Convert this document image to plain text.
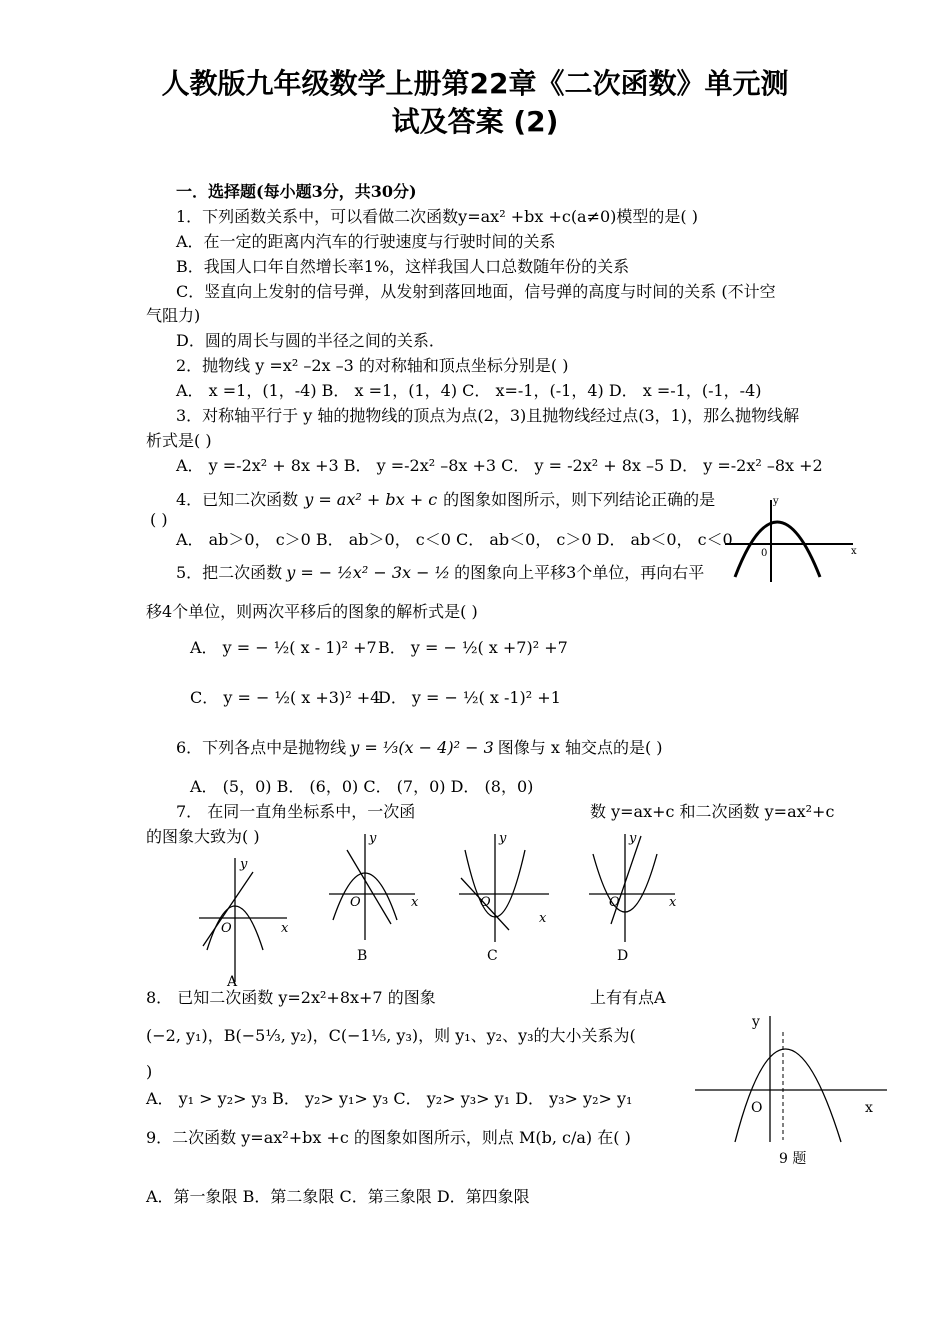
人教版九年级数学上册第22章《二次函数》单元测
试及答案 (2)
一．选择题(每小题3分，共30分)
1．下列函数关系中，可以看做二次函数y=ax² +bx +c(a≠0)模型的是( )
A．在一定的距离内汽车的行驶速度与行驶时间的关系
B．我国人口年自然增长率1%，这样我国人口总数随年份的关系
C．竖直向上发射的信号弹，从发射到落回地面，信号弹的高度与时间的关系 (不计空
气阻力)
D．圆的周长与圆的半径之间的关系．
2．抛物线 y =x² –2x –3 的对称轴和顶点坐标分别是( )
A． x =1，(1，-4) B． x =1，(1，4) C． x=-1，(-1，4) D． x =-1，(-1，-4)
3．对称轴平行于 y 轴的抛物线的顶点为点(2，3)且抛物线经过点(3，1)，那么抛物线解
析式是( )
A． y =-2x² + 8x +3 B． y =-2x² –8x +3 C． y = -2x² + 8x –5 D． y =-2x² –8x +2
4．已知二次函数 y = ax² + bx + c 的图象如图所示，则下列结论正确的是
( )
A． ab＞0， c＞0 B． ab＞0， c＜0 C． ab＜0， c＞0 D． ab＜0， c＜0
5．把二次函数 y = − ½x² − 3x − ½ 的图象向上平移3个单位，再向右平
移4个单位，则两次平移后的图象的解析式是( )
A． y = − ½( x - 1)² +7 B． y = − ½( x +7)² +7
C． y = − ½( x +3)² +4
D． y = − ½( x -1)² +1
6．下列各点中是抛物线 y = ⅓(x − 4)² − 3 图像与 x 轴交点的是( )
A． (5，0) B． (6，0) C． (7，0) D． (8，0)
7． 在同一直角坐标系中，一次函	数 y=ax+c 和二次函数 y=ax²+c
的图象大致为( )
8． 已知二次函数 y=2x²+8x+7 的图象	上有有点A
(−2, y₁)，B(−5⅓, y₂)，C(−1⅕, y₃)，则 y₁、y₂、y₃的大小关系为(
)
A． y₁ > y₂> y₃ B． y₂> y₁> y₃ C． y₂> y₃> y₁ D． y₃> y₂> y₁
9．二次函数 y=ax²+bx +c 的图象如图所示，则点 M(b, c/a) 在( )
A．第一象限 B．第二象限 C．第三象限 D．第四象限
y
x
0
y
x
O
A
y
x
O
B
y
x
O
C
y
x
O
D
y
x
O
9 题
